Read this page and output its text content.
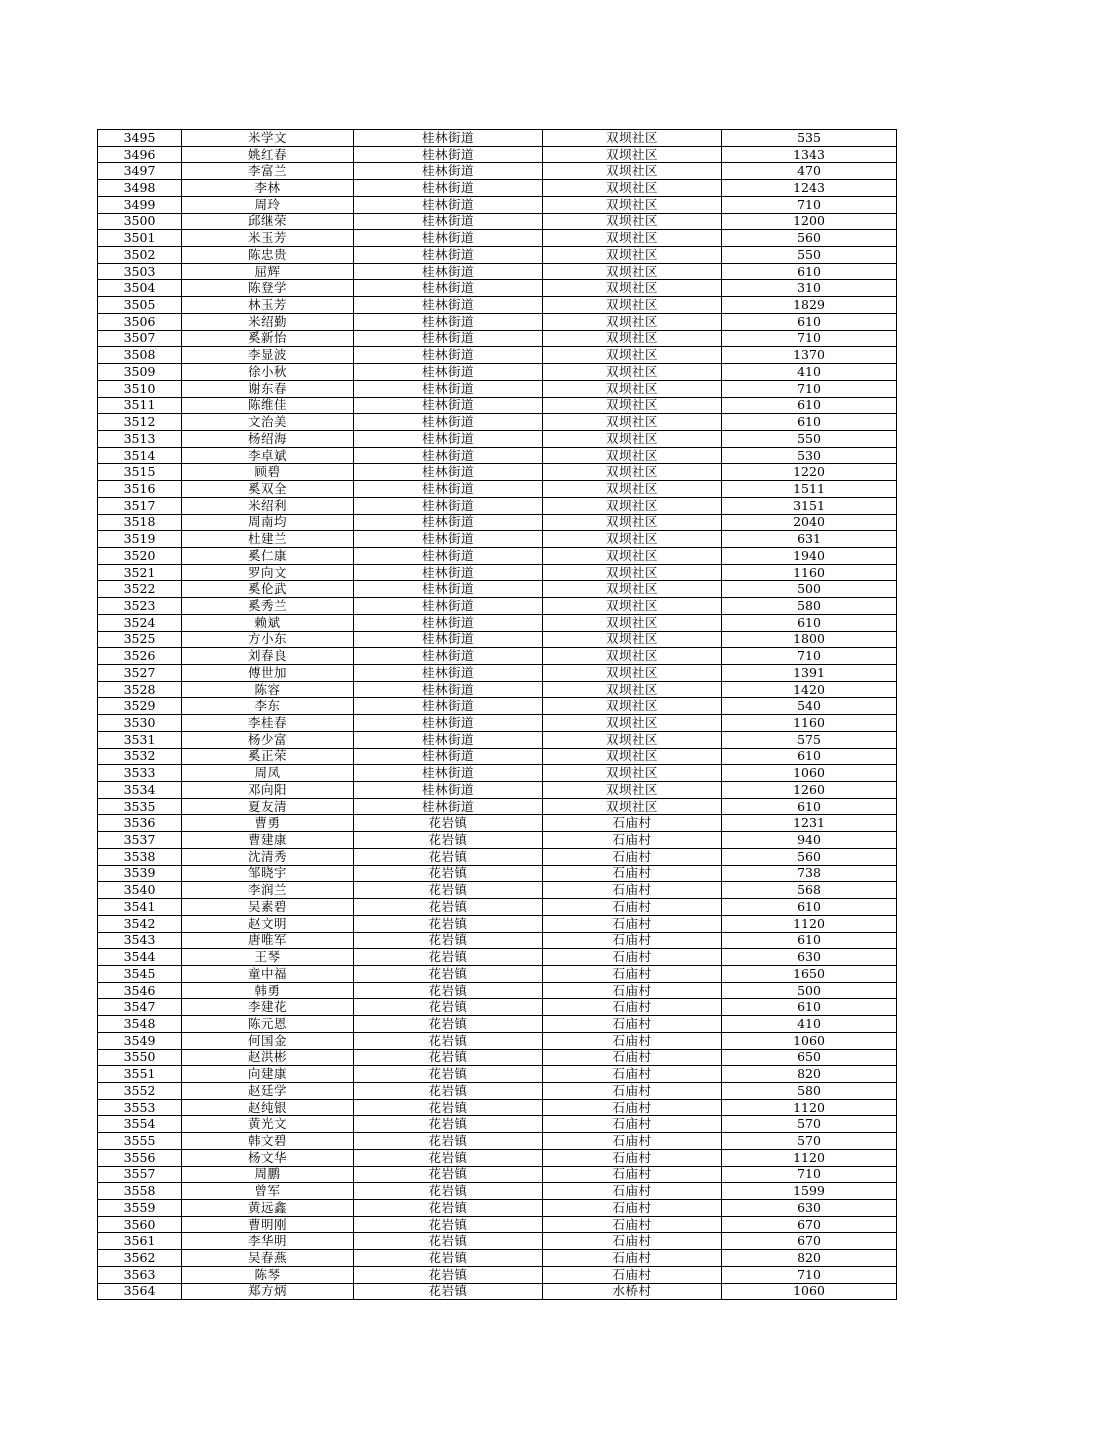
3495	米学文	桂林街道	双坝社区	535
3496	姚红春	桂林街道	双坝社区	1343
3497	李富兰	桂林街道	双坝社区	470
3498	李林	桂林街道	双坝社区	1243
3499	周玲	桂林街道	双坝社区	710
3500	邱继荣	桂林街道	双坝社区	1200
3501	米玉芳	桂林街道	双坝社区	560
3502	陈忠贵	桂林街道	双坝社区	550
3503	屈辉	桂林街道	双坝社区	610
3504	陈登学	桂林街道	双坝社区	310
3505	林玉芳	桂林街道	双坝社区	1829
3506	米绍勤	桂林街道	双坝社区	610
3507	奚新怡	桂林街道	双坝社区	710
3508	李显波	桂林街道	双坝社区	1370
3509	徐小秋	桂林街道	双坝社区	410
3510	谢东春	桂林街道	双坝社区	710
3511	陈维佳	桂林街道	双坝社区	610
3512	文治美	桂林街道	双坝社区	610
3513	杨绍海	桂林街道	双坝社区	550
3514	李卓斌	桂林街道	双坝社区	530
3515	顾碧	桂林街道	双坝社区	1220
3516	奚双全	桂林街道	双坝社区	1511
3517	米绍利	桂林街道	双坝社区	3151
3518	周南均	桂林街道	双坝社区	2040
3519	杜建兰	桂林街道	双坝社区	631
3520	奚仁康	桂林街道	双坝社区	1940
3521	罗向文	桂林街道	双坝社区	1160
3522	奚伦武	桂林街道	双坝社区	500
3523	奚秀兰	桂林街道	双坝社区	580
3524	赖斌	桂林街道	双坝社区	610
3525	方小东	桂林街道	双坝社区	1800
3526	刘春良	桂林街道	双坝社区	710
3527	傅世加	桂林街道	双坝社区	1391
3528	陈容	桂林街道	双坝社区	1420
3529	李东	桂林街道	双坝社区	540
3530	李桂春	桂林街道	双坝社区	1160
3531	杨少富	桂林街道	双坝社区	575
3532	奚正荣	桂林街道	双坝社区	610
3533	周凤	桂林街道	双坝社区	1060
3534	邓向阳	桂林街道	双坝社区	1260
3535	夏友清	桂林街道	双坝社区	610
3536	曹勇	花岩镇	石庙村	1231
3537	曹建康	花岩镇	石庙村	940
3538	沈清秀	花岩镇	石庙村	560
3539	邹晓宇	花岩镇	石庙村	738
3540	李润兰	花岩镇	石庙村	568
3541	吴素碧	花岩镇	石庙村	610
3542	赵文明	花岩镇	石庙村	1120
3543	唐唯军	花岩镇	石庙村	610
3544	王琴	花岩镇	石庙村	630
3545	童中福	花岩镇	石庙村	1650
3546	韩勇	花岩镇	石庙村	500
3547	李建花	花岩镇	石庙村	610
3548	陈元恩	花岩镇	石庙村	410
3549	何国金	花岩镇	石庙村	1060
3550	赵洪彬	花岩镇	石庙村	650
3551	向建康	花岩镇	石庙村	820
3552	赵廷学	花岩镇	石庙村	580
3553	赵纯银	花岩镇	石庙村	1120
3554	黄光文	花岩镇	石庙村	570
3555	韩文碧	花岩镇	石庙村	570
3556	杨文华	花岩镇	石庙村	1120
3557	周鹏	花岩镇	石庙村	710
3558	曾军	花岩镇	石庙村	1599
3559	黄远鑫	花岩镇	石庙村	630
3560	曹明刚	花岩镇	石庙村	670
3561	李华明	花岩镇	石庙村	670
3562	吴春燕	花岩镇	石庙村	820
3563	陈琴	花岩镇	石庙村	710
3564	郑方炳	花岩镇	水桥村	1060
